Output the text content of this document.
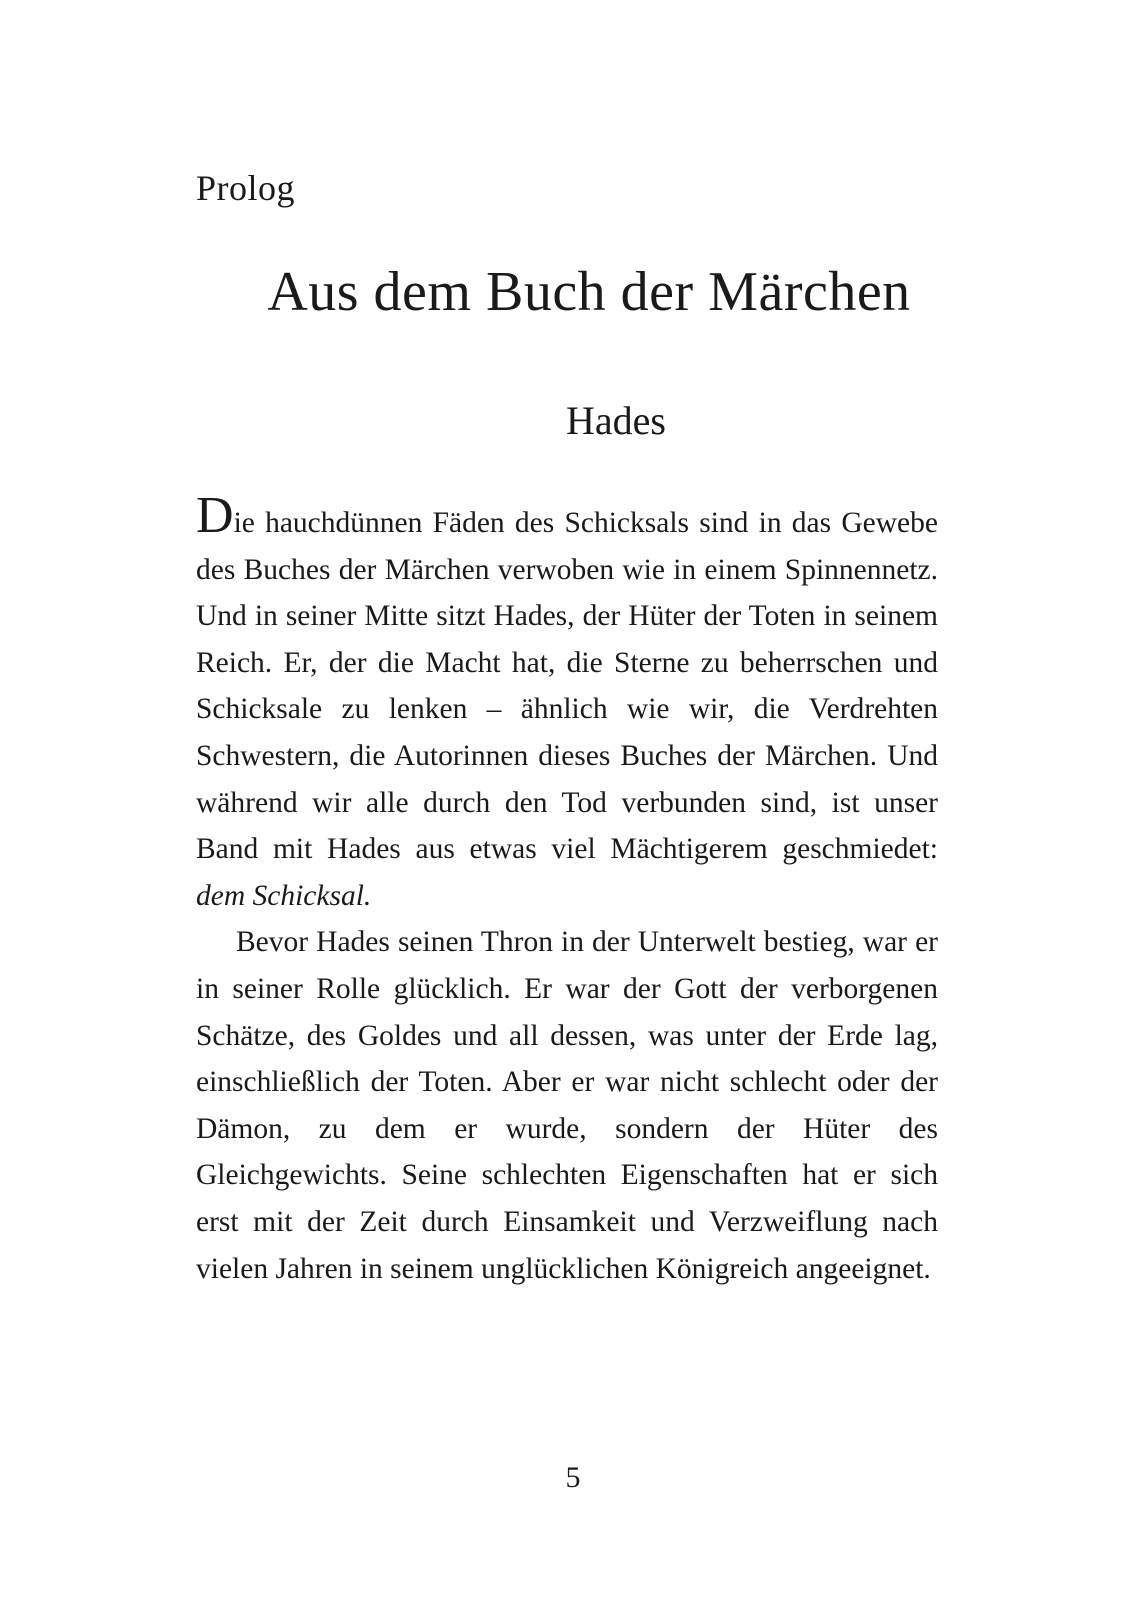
Prolog
Aus dem Buch der Märchen
Hades

Die hauchdünnen Fäden des Schicksals sind in das Gewebe des Buches der Märchen verwoben wie in einem Spinnennetz. Und in seiner Mitte sitzt Hades, der Hüter der Toten in seinem Reich. Er, der die Macht hat, die Sterne zu beherrschen und Schicksale zu lenken – ähnlich wie wir, die Verdrehten Schwestern, die Autorinnen dieses Buches der Märchen. Und während wir alle durch den Tod verbunden sind, ist unser Band mit Hades aus etwas viel Mächtigerem geschmiedet: dem Schicksal.

Bevor Hades seinen Thron in der Unterwelt bestieg, war er in seiner Rolle glücklich. Er war der Gott der verborgenen Schätze, des Goldes und all dessen, was unter der Erde lag, einschließlich der Toten. Aber er war nicht schlecht oder der Dämon, zu dem er wurde, sondern der Hüter des Gleichgewichts. Seine schlechten Eigenschaften hat er sich erst mit der Zeit durch Einsamkeit und Verzweiflung nach vielen Jahren in seinem unglücklichen Königreich angeeignet.

5
